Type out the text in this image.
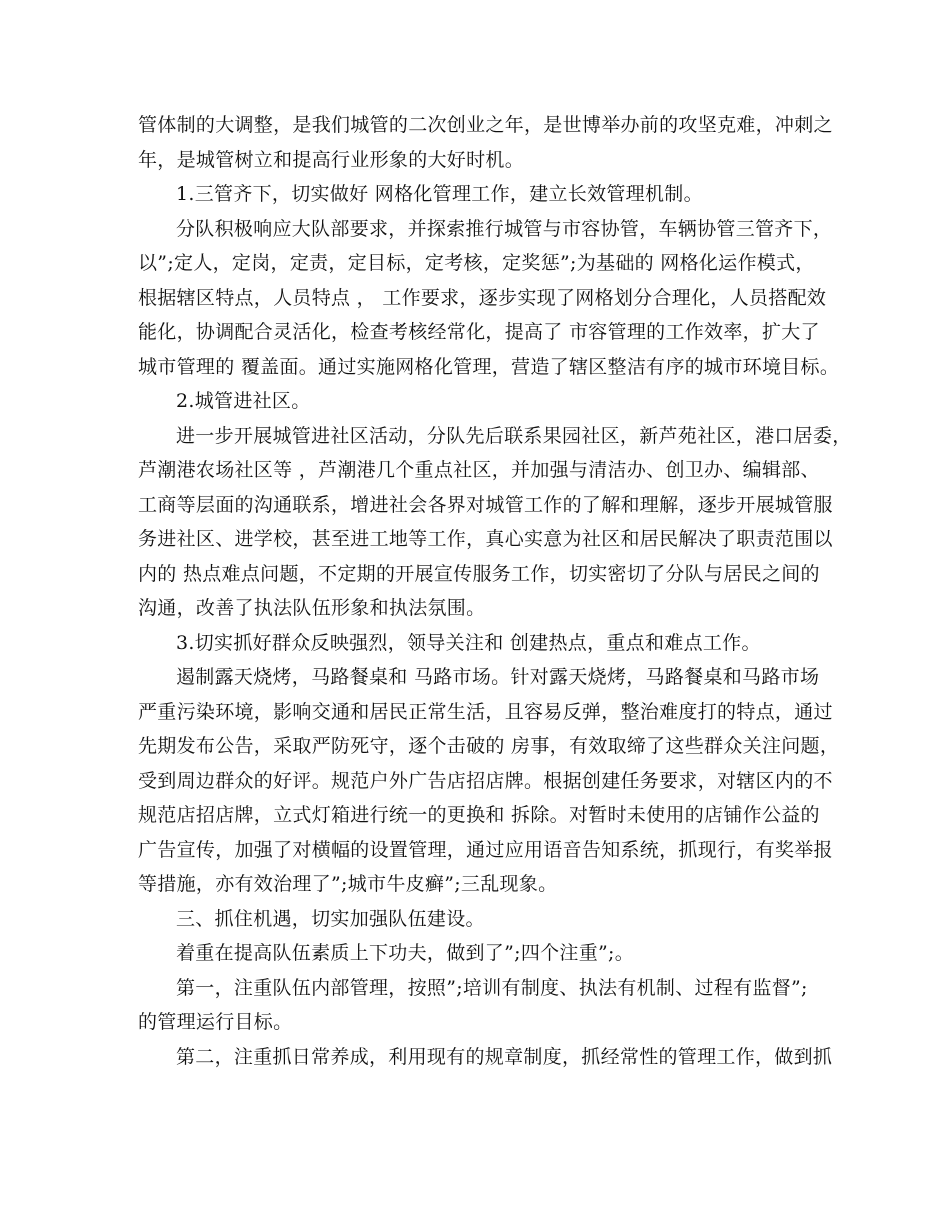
管体制的大调整，是我们城管的二次创业之年，是世博举办前的攻坚克难，冲刺之
年，是城管树立和提高行业形象的大好时机。
1.三管齐下，切实做好 网格化管理工作，建立长效管理机制。
分队积极响应大队部要求，并探索推行城管与市容协管，车辆协管三管齐下，
以”;定人，定岗，定责，定目标，定考核，定奖惩”;为基础的 网格化运作模式，
根据辖区特点，人员特点 ， 工作要求，逐步实现了网格划分合理化，人员搭配效
能化，协调配合灵活化，检查考核经常化，提高了 市容管理的工作效率，扩大了
城市管理的 覆盖面。通过实施网格化管理，营造了辖区整洁有序的城市环境目标。
2.城管进社区。
进一步开展城管进社区活动，分队先后联系果园社区，新芦苑社区，港口居委，
芦潮港农场社区等 ，芦潮港几个重点社区，并加强与清洁办、创卫办、编辑部、
工商等层面的沟通联系，增进社会各界对城管工作的了解和理解，逐步开展城管服
务进社区、进学校，甚至进工地等工作，真心实意为社区和居民解决了职责范围以
内的 热点难点问题，不定期的开展宣传服务工作，切实密切了分队与居民之间的
沟通，改善了执法队伍形象和执法氛围。
3.切实抓好群众反映强烈，领导关注和 创建热点，重点和难点工作。
遏制露天烧烤，马路餐桌和 马路市场。针对露天烧烤，马路餐桌和马路市场
严重污染环境，影响交通和居民正常生活，且容易反弹，整治难度打的特点，通过
先期发布公告，采取严防死守，逐个击破的 房事，有效取缔了这些群众关注问题，
受到周边群众的好评。规范户外广告店招店牌。根据创建任务要求，对辖区内的不
规范店招店牌，立式灯箱进行统一的更换和 拆除。对暂时未使用的店铺作公益的
广告宣传，加强了对横幅的设置管理，通过应用语音告知系统，抓现行，有奖举报
等措施，亦有效治理了”;城市牛皮癣”;三乱现象。
三、抓住机遇，切实加强队伍建设。
着重在提高队伍素质上下功夫，做到了”;四个注重”;。
第一，注重队伍内部管理，按照”;培训有制度、执法有机制、过程有监督”;
的管理运行目标。
第二，注重抓日常养成，利用现有的规章制度，抓经常性的管理工作，做到抓
